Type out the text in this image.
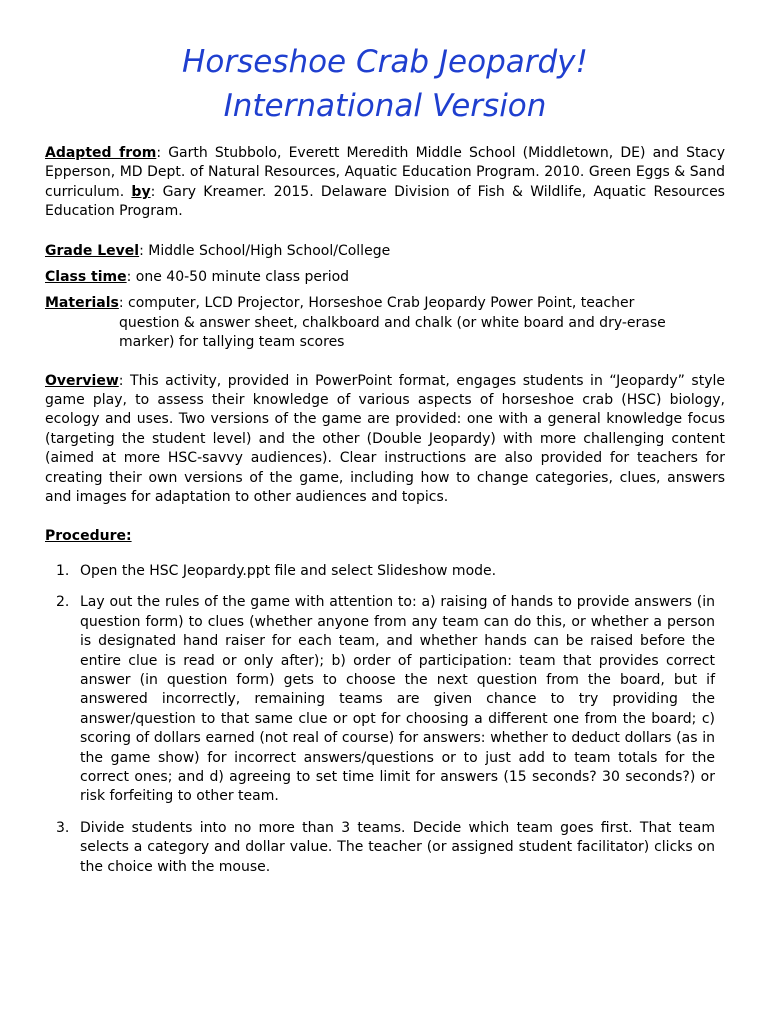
Horseshoe Crab Jeopardy!
International Version

Adapted from: Garth Stubbolo, Everett Meredith Middle School (Middletown, DE) and Stacy Epperson, MD Dept. of Natural Resources, Aquatic Education Program. 2010. Green Eggs & Sand curriculum. by: Gary Kreamer. 2015. Delaware Division of Fish & Wildlife, Aquatic Resources Education Program.

Grade Level: Middle School/High School/College

Class time: one 40-50 minute class period

Materials: computer, LCD Projector, Horseshoe Crab Jeopardy Power Point, teacher
question & answer sheet, chalkboard and chalk (or white board and dry-erase marker) for tallying team scores

Overview: This activity, provided in PowerPoint format, engages students in “Jeopardy” style game play, to assess their knowledge of various aspects of horseshoe crab (HSC) biology, ecology and uses. Two versions of the game are provided: one with a general knowledge focus (targeting the student level) and the other (Double Jeopardy) with more challenging content (aimed at more HSC-savvy audiences). Clear instructions are also provided for teachers for creating their own versions of the game, including how to change categories, clues, answers and images for adaptation to other audiences and topics.

Procedure:

1. Open the HSC Jeopardy.ppt file and select Slideshow mode.
2. Lay out the rules of the game with attention to: a) raising of hands to provide answers (in question form) to clues (whether anyone from any team can do this, or whether a person is designated hand raiser for each team, and whether hands can be raised before the entire clue is read or only after); b) order of participation: team that provides correct answer (in question form) gets to choose the next question from the board, but if answered incorrectly, remaining teams are given chance to try providing the answer/question to that same clue or opt for choosing a different one from the board; c) scoring of dollars earned (not real of course) for answers: whether to deduct dollars (as in the game show) for incorrect answers/questions or to just add to team totals for the correct ones; and d) agreeing to set time limit for answers (15 seconds? 30 seconds?) or risk forfeiting to other team.
3. Divide students into no more than 3 teams. Decide which team goes first. That team selects a category and dollar value. The teacher (or assigned student facilitator) clicks on the choice with the mouse.
